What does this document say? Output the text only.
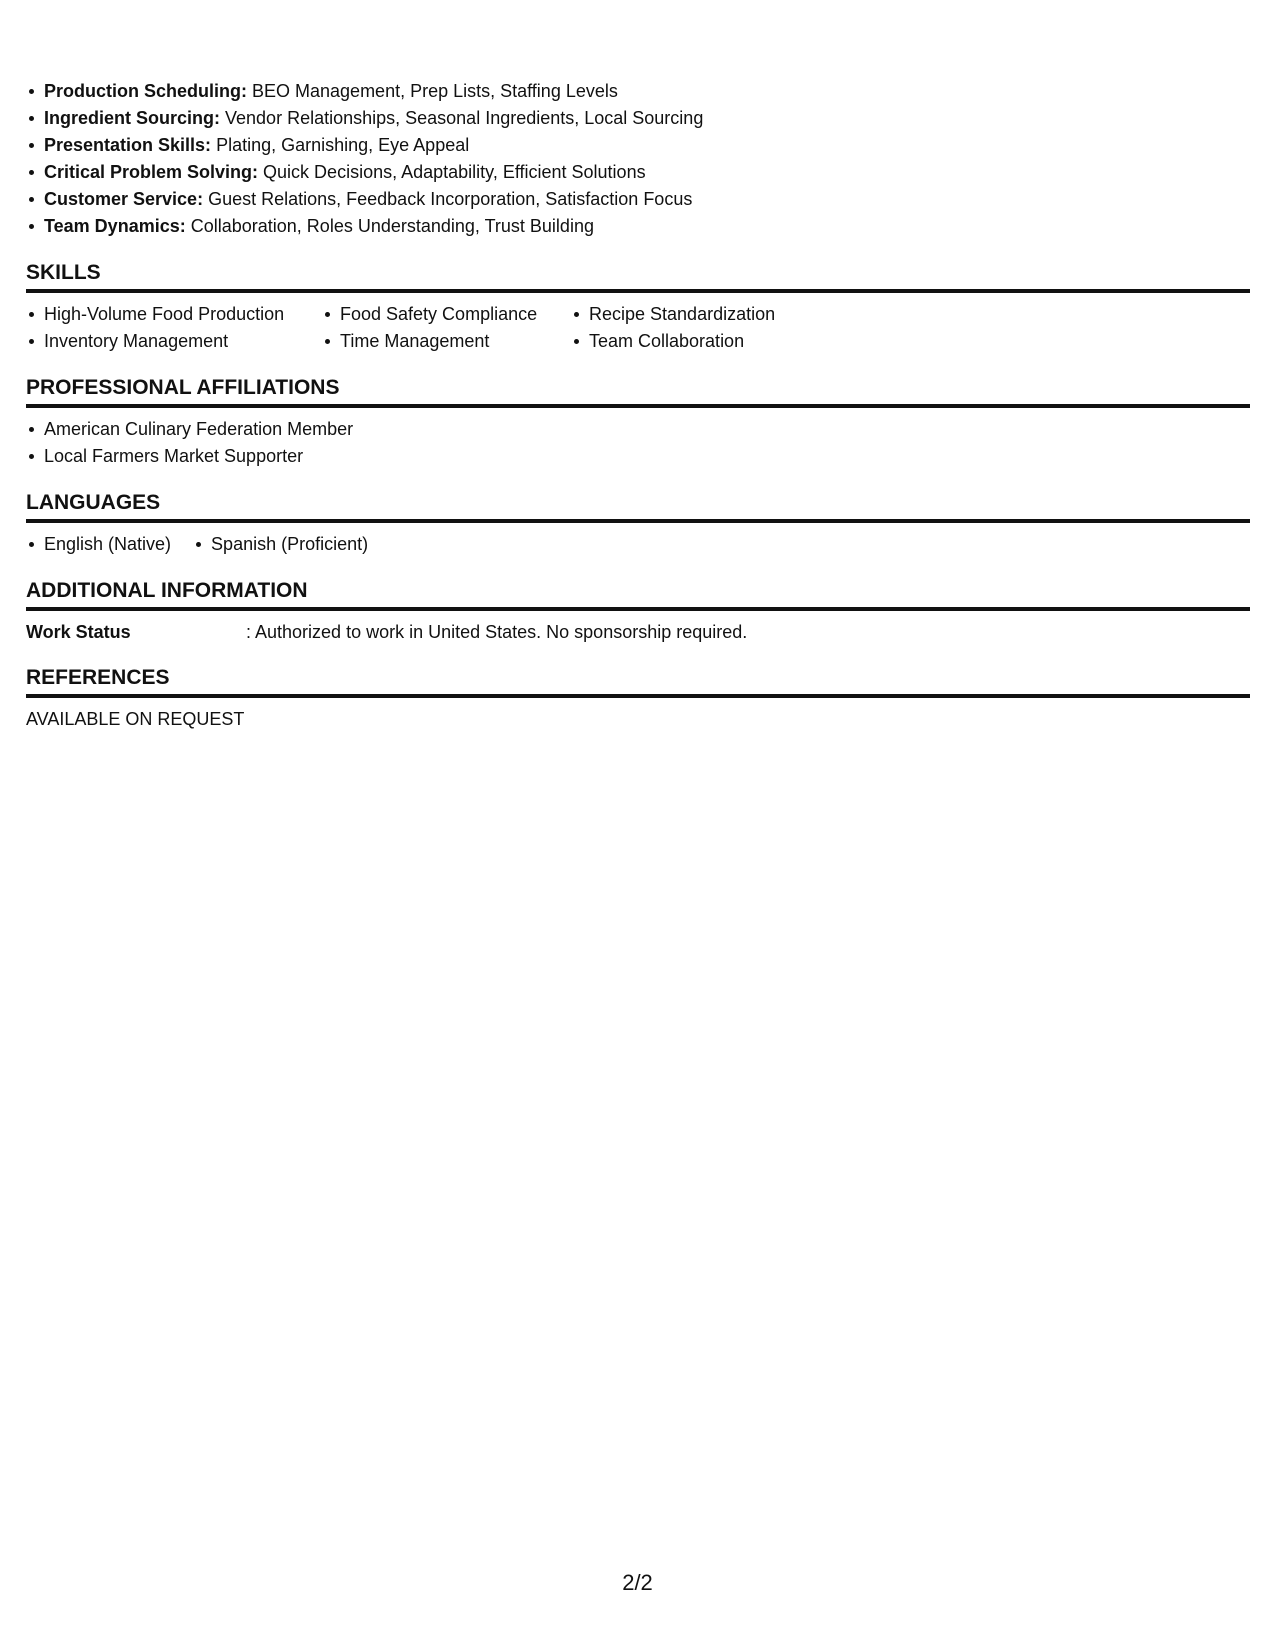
Production Scheduling: BEO Management, Prep Lists, Staffing Levels
Ingredient Sourcing: Vendor Relationships, Seasonal Ingredients, Local Sourcing
Presentation Skills: Plating, Garnishing, Eye Appeal
Critical Problem Solving: Quick Decisions, Adaptability, Efficient Solutions
Customer Service: Guest Relations, Feedback Incorporation, Satisfaction Focus
Team Dynamics: Collaboration, Roles Understanding, Trust Building
SKILLS
High-Volume Food Production	Food Safety Compliance	Recipe Standardization
Inventory Management	Time Management	Team Collaboration
PROFESSIONAL AFFILIATIONS
American Culinary Federation Member
Local Farmers Market Supporter
LANGUAGES
English (Native)	Spanish (Proficient)
ADDITIONAL INFORMATION
Work Status	: Authorized to work in United States. No sponsorship required.
REFERENCES
AVAILABLE ON REQUEST
2/2
